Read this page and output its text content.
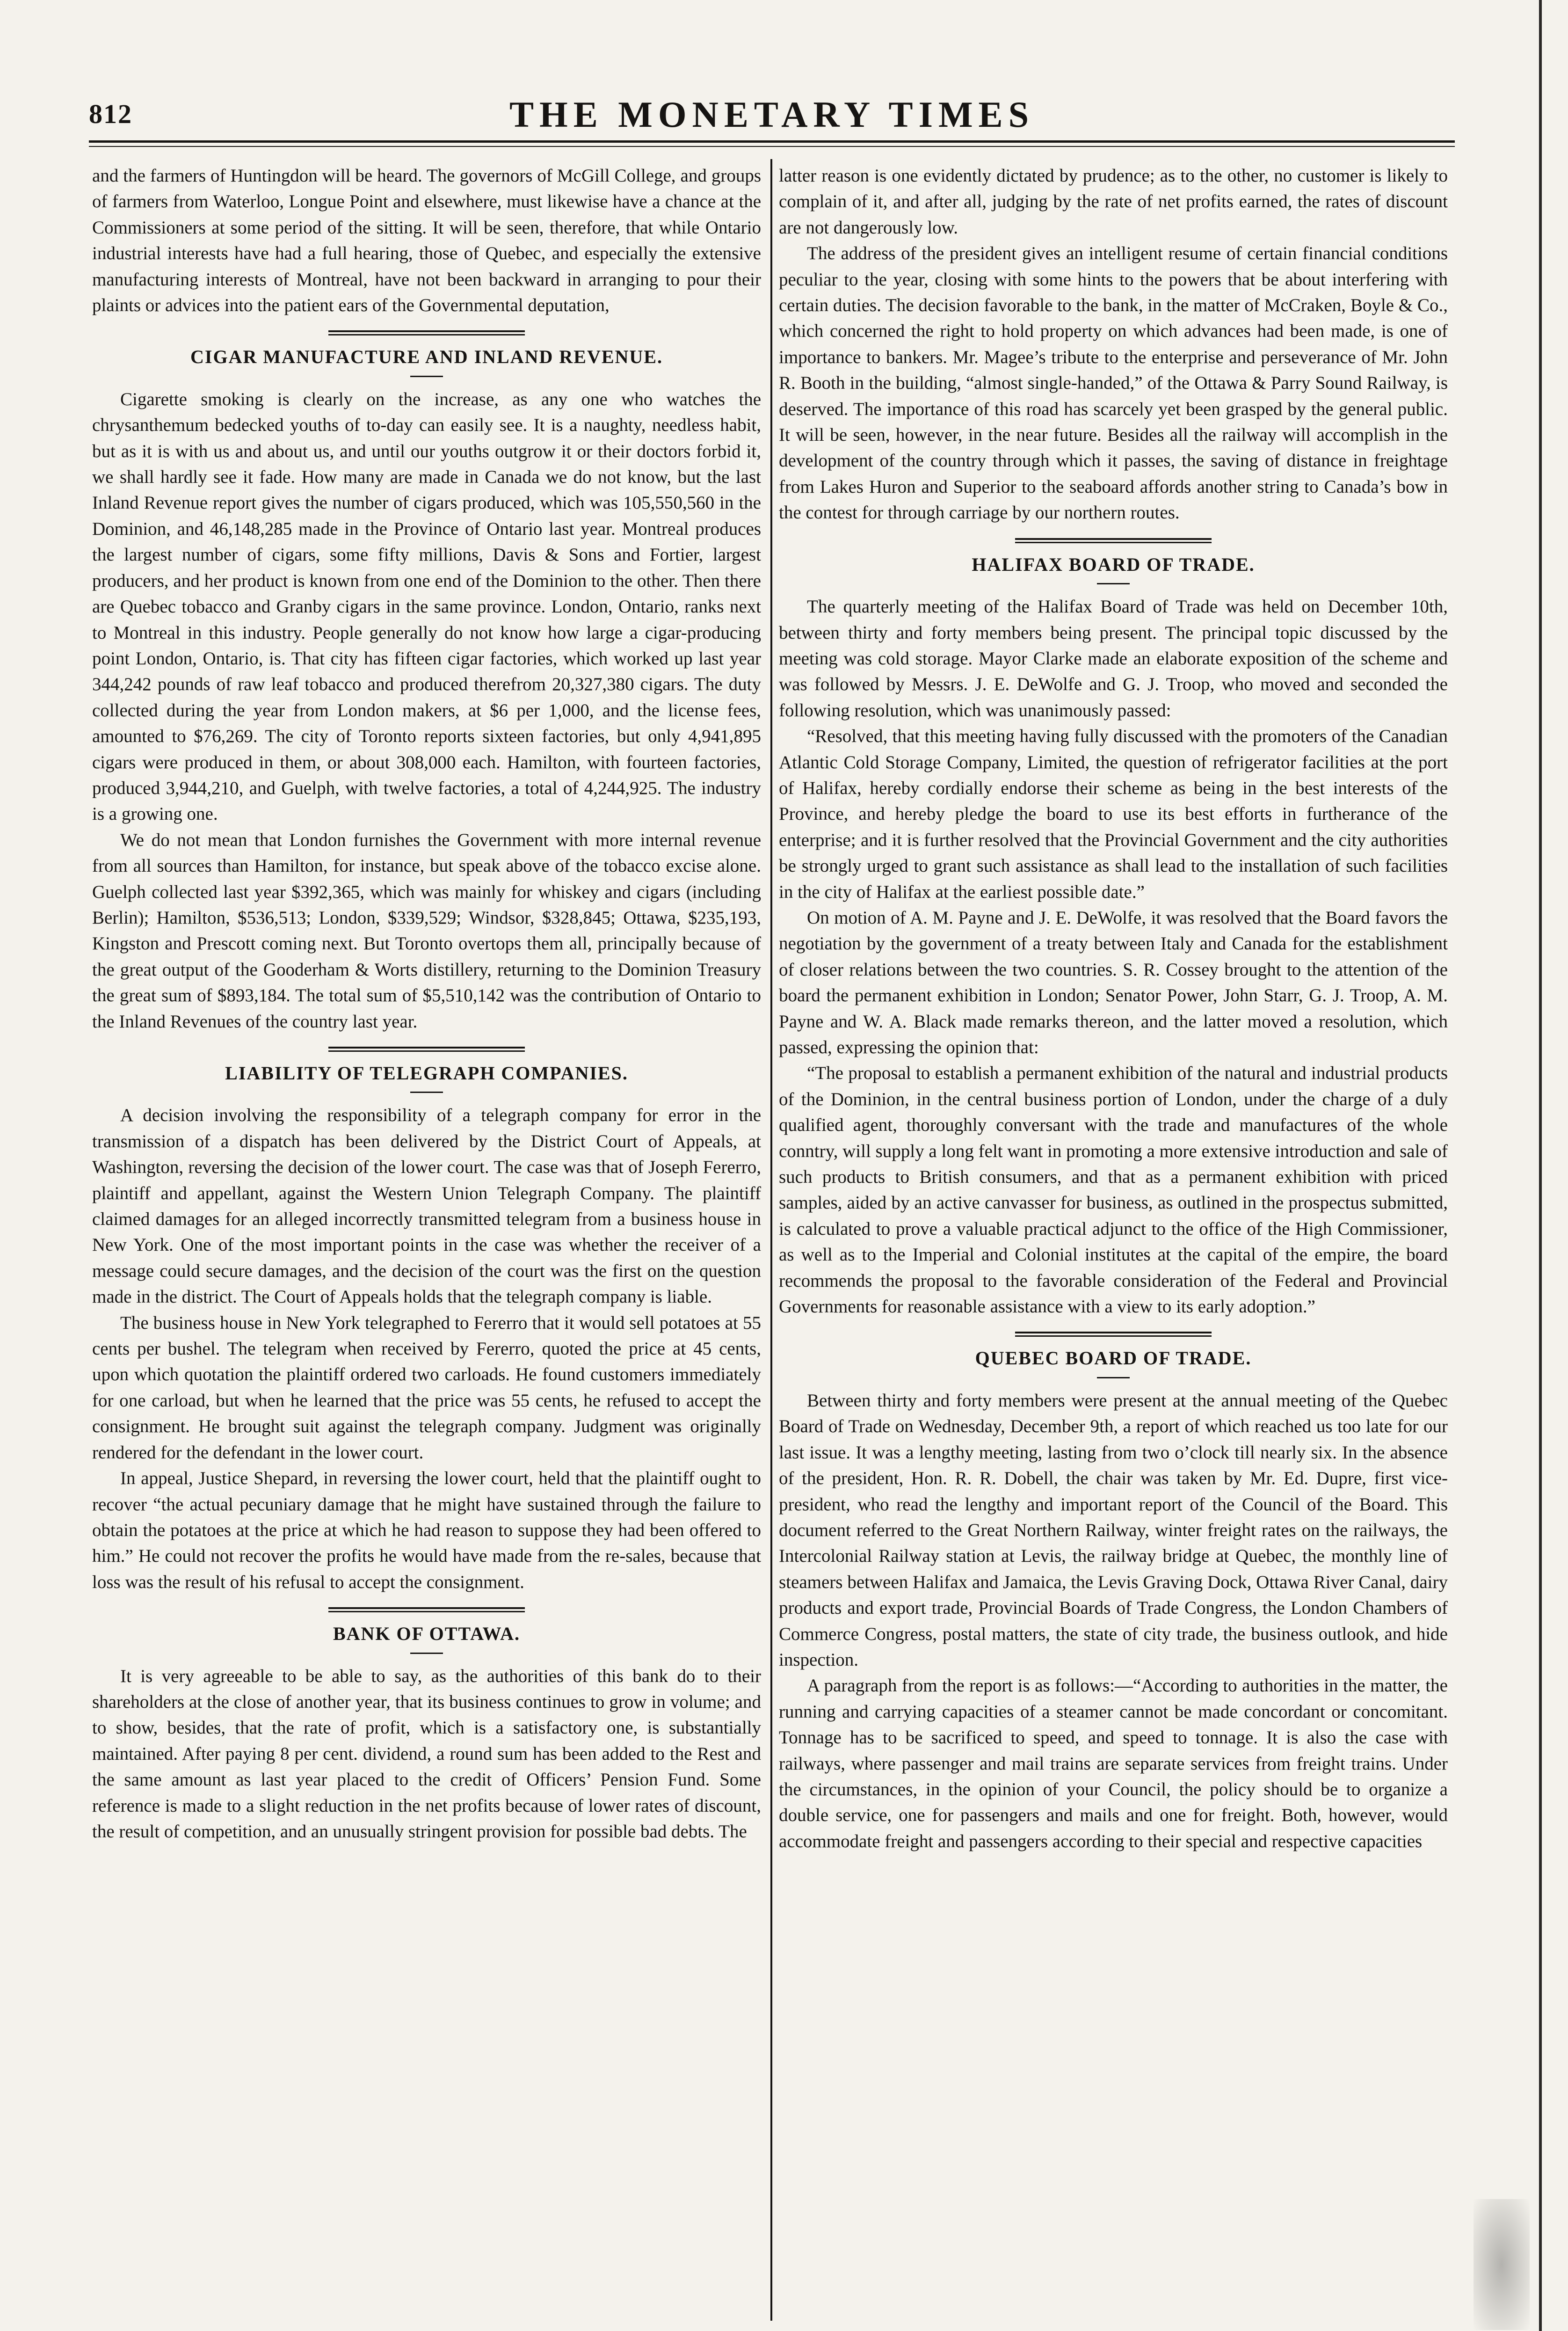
812	THE MONETARY TIMES

and the farmers of Huntingdon will be heard. The governors of McGill College, and groups of farmers from Waterloo, Longue Point and elsewhere, must likewise have a chance at the Commissioners at some period of the sitting. It will be seen, therefore, that while Ontario industrial interests have had a full hearing, those of Quebec, and especially the extensive manufacturing interests of Montreal, have not been backward in arranging to pour their plaints or advices into the patient ears of the Governmental deputation,

CIGAR MANUFACTURE AND INLAND REVENUE.

Cigarette smoking is clearly on the increase, as any one who watches the chrysanthemum bedecked youths of to-day can easily see. It is a naughty, needless habit, but as it is with us and about us, and until our youths outgrow it or their doctors forbid it, we shall hardly see it fade. How many are made in Canada we do not know, but the last Inland Revenue report gives the number of cigars produced, which was 105,550,560 in the Dominion, and 46,148,285 made in the Province of Ontario last year. Montreal produces the largest number of cigars, some fifty millions, Davis & Sons and Fortier, largest producers, and her product is known from one end of the Dominion to the other. Then there are Quebec tobacco and Granby cigars in the same province. London, Ontario, ranks next to Montreal in this industry. People generally do not know how large a cigar-producing point London, Ontario, is. That city has fifteen cigar factories, which worked up last year 344,242 pounds of raw leaf tobacco and produced therefrom 20,327,380 cigars. The duty collected during the year from London makers, at $6 per 1,000, and the license fees, amounted to $76,269. The city of Toronto reports sixteen factories, but only 4,941,895 cigars were produced in them, or about 308,000 each. Hamilton, with fourteen factories, produced 3,944,210, and Guelph, with twelve factories, a total of 4,244,925. The industry is a growing one.

We do not mean that London furnishes the Government with more internal revenue from all sources than Hamilton, for instance, but speak above of the tobacco excise alone. Guelph collected last year $392,365, which was mainly for whiskey and cigars (including Berlin); Hamilton, $536,513; London, $339,529; Windsor, $328,845; Ottawa, $235,193, Kingston and Prescott coming next. But Toronto overtops them all, principally because of the great output of the Gooderham & Worts distillery, returning to the Dominion Treasury the great sum of $893,184. The total sum of $5,510,142 was the contribution of Ontario to the Inland Revenues of the country last year.

LIABILITY OF TELEGRAPH COMPANIES.

A decision involving the responsibility of a telegraph company for error in the transmission of a dispatch has been delivered by the District Court of Appeals, at Washington, reversing the decision of the lower court. The case was that of Joseph Fererro, plaintiff and appellant, against the Western Union Telegraph Company. The plaintiff claimed damages for an alleged incorrectly transmitted telegram from a business house in New York. One of the most important points in the case was whether the receiver of a message could secure damages, and the decision of the court was the first on the question made in the district. The Court of Appeals holds that the telegraph company is liable.

The business house in New York telegraphed to Fererro that it would sell potatoes at 55 cents per bushel. The telegram when received by Fererro, quoted the price at 45 cents, upon which quotation the plaintiff ordered two carloads. He found customers immediately for one carload, but when he learned that the price was 55 cents, he refused to accept the consignment. He brought suit against the telegraph company. Judgment was originally rendered for the defendant in the lower court.

In appeal, Justice Shepard, in reversing the lower court, held that the plaintiff ought to recover “the actual pecuniary damage that he might have sustained through the failure to obtain the potatoes at the price at which he had reason to suppose they had been offered to him.” He could not recover the profits he would have made from the re-sales, because that loss was the result of his refusal to accept the consignment.

BANK OF OTTAWA.

It is very agreeable to be able to say, as the authorities of this bank do to their shareholders at the close of another year, that its business continues to grow in volume; and to show, besides, that the rate of profit, which is a satisfactory one, is substantially maintained. After paying 8 per cent. dividend, a round sum has been added to the Rest and the same amount as last year placed to the credit of Officers’ Pension Fund. Some reference is made to a slight reduction in the net profits because of lower rates of discount, the result of competition, and an unusually stringent provision for possible bad debts. The

latter reason is one evidently dictated by prudence; as to the other, no customer is likely to complain of it, and after all, judging by the rate of net profits earned, the rates of discount are not dangerously low.

The address of the president gives an intelligent resume of certain financial conditions peculiar to the year, closing with some hints to the powers that be about interfering with certain duties. The decision favorable to the bank, in the matter of McCraken, Boyle & Co., which concerned the right to hold property on which advances had been made, is one of importance to bankers. Mr. Magee’s tribute to the enterprise and perseverance of Mr. John R. Booth in the building, “almost single-handed,” of the Ottawa & Parry Sound Railway, is deserved. The importance of this road has scarcely yet been grasped by the general public. It will be seen, however, in the near future. Besides all the railway will accomplish in the development of the country through which it passes, the saving of distance in freightage from Lakes Huron and Superior to the seaboard affords another string to Canada’s bow in the contest for through carriage by our northern routes.

HALIFAX BOARD OF TRADE.

The quarterly meeting of the Halifax Board of Trade was held on December 10th, between thirty and forty members being present. The principal topic discussed by the meeting was cold storage. Mayor Clarke made an elaborate exposition of the scheme and was followed by Messrs. J. E. DeWolfe and G. J. Troop, who moved and seconded the following resolution, which was unanimously passed:

“Resolved, that this meeting having fully discussed with the promoters of the Canadian Atlantic Cold Storage Company, Limited, the question of refrigerator facilities at the port of Halifax, hereby cordially endorse their scheme as being in the best interests of the Province, and hereby pledge the board to use its best efforts in furtherance of the enterprise; and it is further resolved that the Provincial Government and the city authorities be strongly urged to grant such assistance as shall lead to the installation of such facilities in the city of Halifax at the earliest possible date.”

On motion of A. M. Payne and J. E. DeWolfe, it was resolved that the Board favors the negotiation by the government of a treaty between Italy and Canada for the establishment of closer relations between the two countries. S. R. Cossey brought to the attention of the board the permanent exhibition in London; Senator Power, John Starr, G. J. Troop, A. M. Payne and W. A. Black made remarks thereon, and the latter moved a resolution, which passed, expressing the opinion that:

“The proposal to establish a permanent exhibition of the natural and industrial products of the Dominion, in the central business portion of London, under the charge of a duly qualified agent, thoroughly conversant with the trade and manufactures of the whole conntry, will supply a long felt want in promoting a more extensive introduction and sale of such products to British consumers, and that as a permanent exhibition with priced samples, aided by an active canvasser for business, as outlined in the prospectus submitted, is calculated to prove a valuable practical adjunct to the office of the High Commissioner, as well as to the Imperial and Colonial institutes at the capital of the empire, the board recommends the proposal to the favorable consideration of the Federal and Provincial Governments for reasonable assistance with a view to its early adoption.”

QUEBEC BOARD OF TRADE.

Between thirty and forty members were present at the annual meeting of the Quebec Board of Trade on Wednesday, December 9th, a report of which reached us too late for our last issue. It was a lengthy meeting, lasting from two o’clock till nearly six. In the absence of the president, Hon. R. R. Dobell, the chair was taken by Mr. Ed. Dupre, first vice-president, who read the lengthy and important report of the Council of the Board. This document referred to the Great Northern Railway, winter freight rates on the railways, the Intercolonial Railway station at Levis, the railway bridge at Quebec, the monthly line of steamers between Halifax and Jamaica, the Levis Graving Dock, Ottawa River Canal, dairy products and export trade, Provincial Boards of Trade Congress, the London Chambers of Commerce Congress, postal matters, the state of city trade, the business outlook, and hide inspection.

A paragraph from the report is as follows:—“According to authorities in the matter, the running and carrying capacities of a steamer cannot be made concordant or concomitant. Tonnage has to be sacrificed to speed, and speed to tonnage. It is also the case with railways, where passenger and mail trains are separate services from freight trains. Under the circumstances, in the opinion of your Council, the policy should be to organize a double service, one for passengers and mails and one for freight. Both, however, would accommodate freight and passengers according to their special and respective capacities
